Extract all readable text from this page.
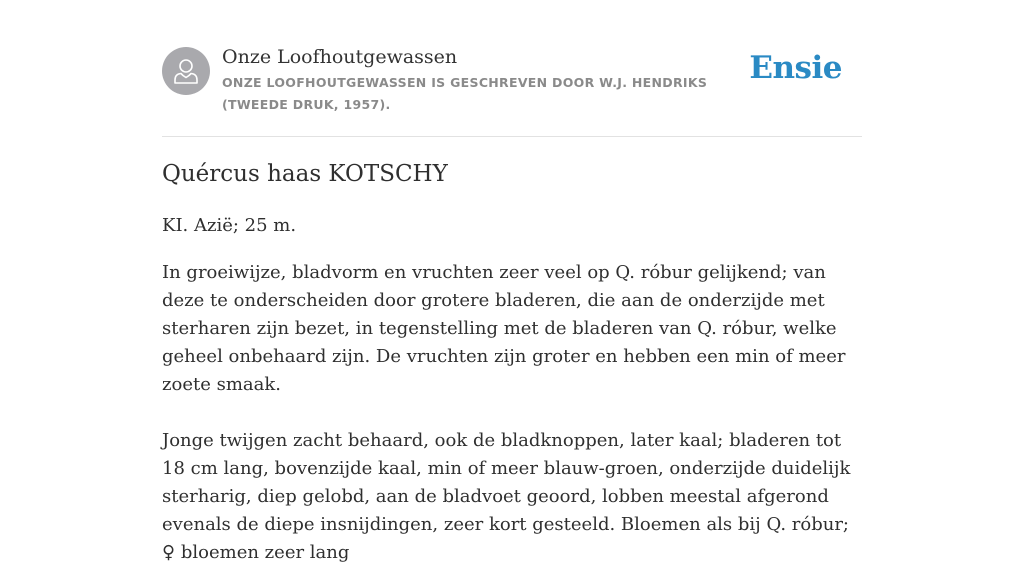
Onze Loofhoutgewassen
ONZE LOOFHOUTGEWASSEN IS GESCHREVEN DOOR W.J. HENDRIKS (TWEEDE DRUK, 1957).
Ensie
Quércus haas KOTSCHY

KI. Azië; 25 m.

In groeiwijze, bladvorm en vruchten zeer veel op Q. róbur gelijkend; van deze te onderscheiden door grotere bladeren, die aan de onderzijde met sterharen zijn bezet, in tegenstelling met de bladeren van Q. róbur, welke geheel onbehaard zijn. De vruchten zijn groter en hebben een min of meer zoete smaak.

Jonge twijgen zacht behaard, ook de bladknoppen, later kaal; bladeren tot 18 cm lang, bovenzijde kaal, min of meer blauw-groen, onderzijde duidelijk sterharig, diep gelobd, aan de bladvoet geoord, lobben meestal afgerond evenals de diepe insnijdingen, zeer kort gesteeld. Bloemen als bij Q. róbur; ♀ bloemen zeer lang
